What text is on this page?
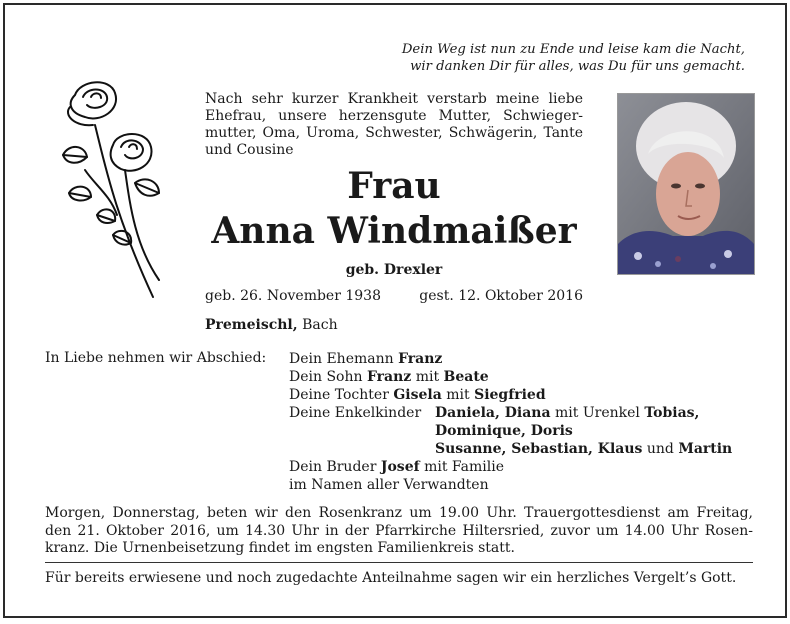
Dein Weg ist nun zu Ende und leise kam die Nacht,
wir danken Dir für alles, was Du für uns gemacht.
Nach sehr kurzer Krankheit verstarb meine liebe
Ehefrau, unsere herzensgute Mutter, Schwieger-
mutter, Oma, Uroma, Schwester, Schwägerin, Tante
und Cousine
Frau
Anna Windmaißer
geb. Drexler
geb. 26. November 1938	gest. 12. Oktober 2016
Premeischl, Bach
In Liebe nehmen wir Abschied: Dein Ehemann Franz
Dein Sohn Franz mit Beate
Deine Tochter Gisela mit Siegfried
Deine Enkelkinder Daniela, Diana mit Urenkel Tobias,
Dominique, Doris
Susanne, Sebastian, Klaus und Martin
Dein Bruder Josef mit Familie
im Namen aller Verwandten
Morgen, Donnerstag, beten wir den Rosenkranz um 19.00 Uhr. Trauergottesdienst am Freitag,
den 21. Oktober 2016, um 14.30 Uhr in der Pfarrkirche Hiltersried, zuvor um 14.00 Uhr Rosen-
kranz. Die Urnenbeisetzung findet im engsten Familienkreis statt.
Für bereits erwiesene und noch zugedachte Anteilnahme sagen wir ein herzliches Vergelt’s Gott.
